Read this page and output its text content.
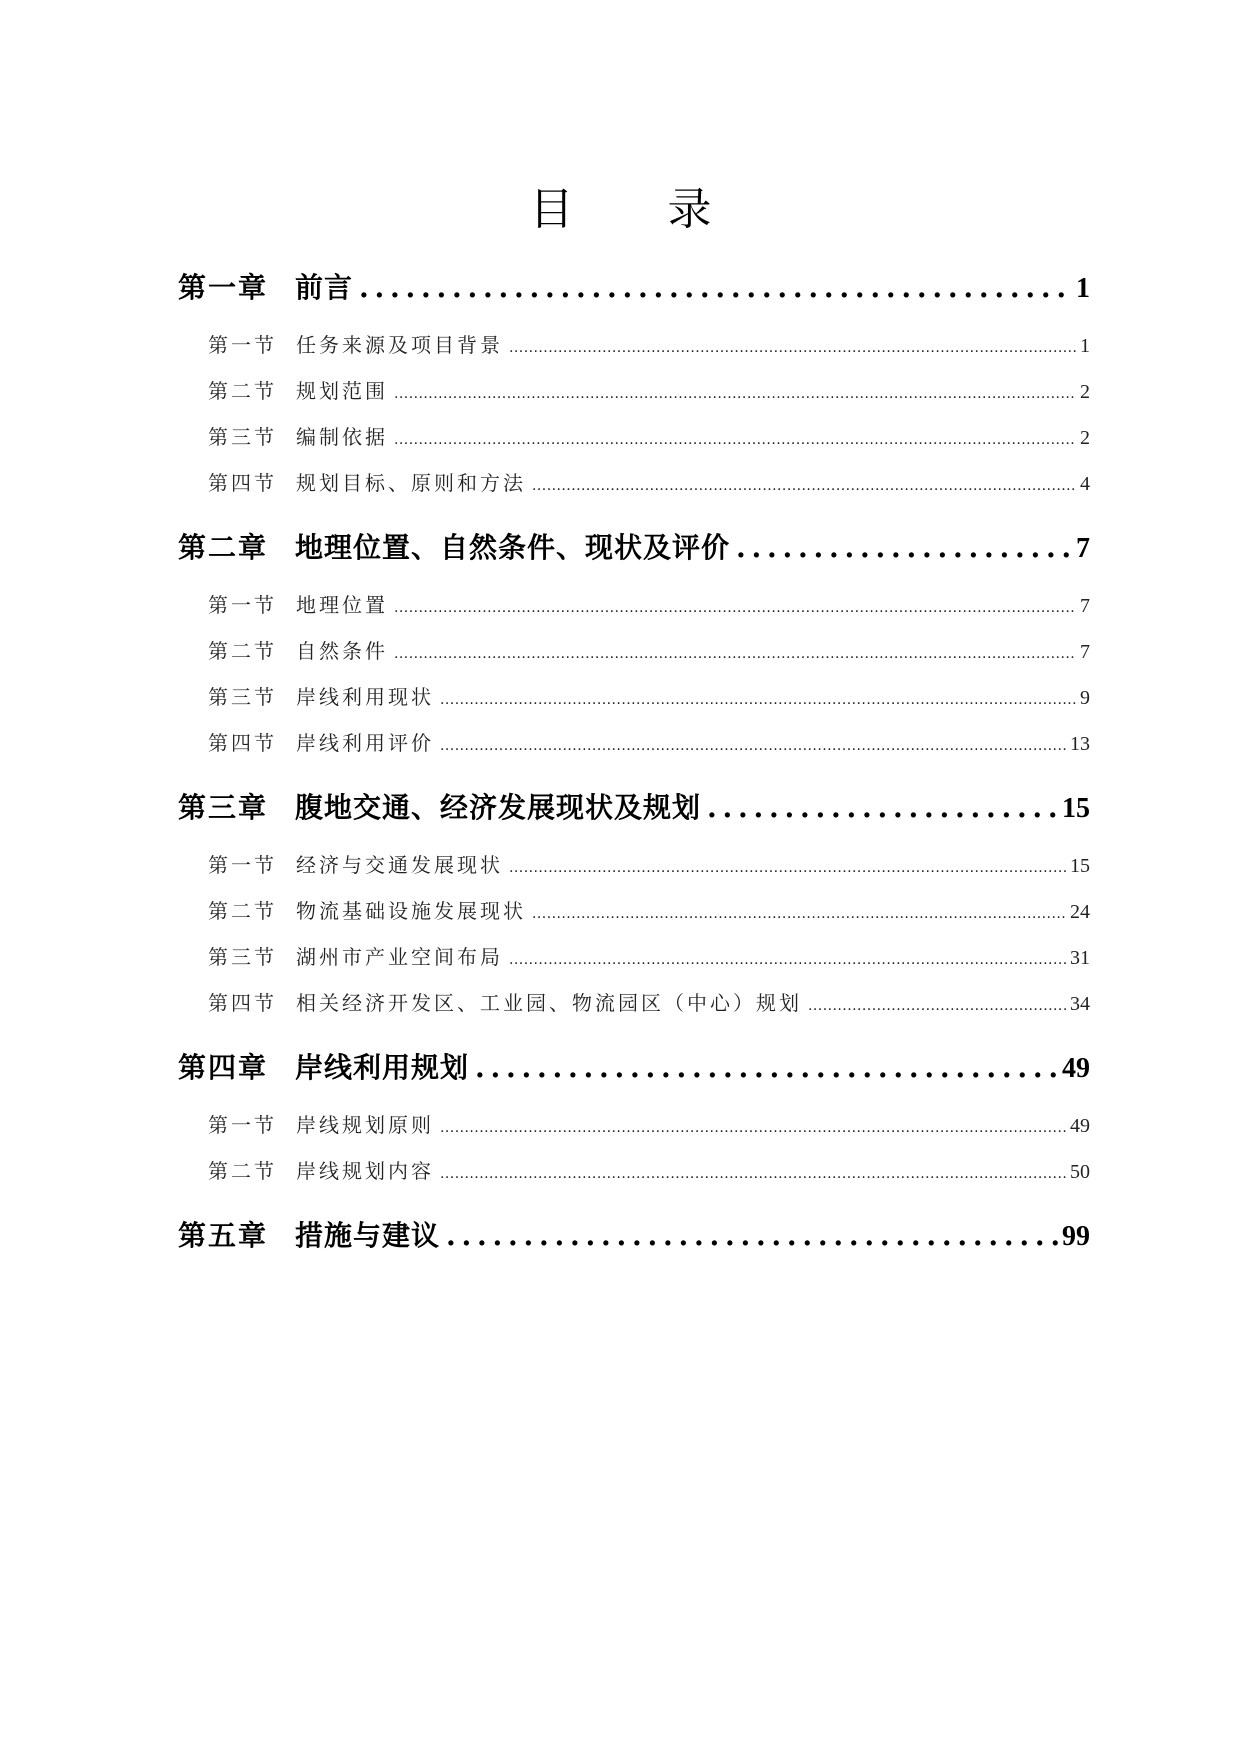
目 录
第一章 前言 . . .	1
第一节 任务来源及项目背景 . . .	1
第二节 规划范围 . . .	2
第三节 编制依据 . . .	2
第四节 规划目标、原则和方法 . . .	4
第二章 地理位置、自然条件、现状及评价 . . .	7
第一节 地理位置 . . .	7
第二节 自然条件 . . .	7
第三节 岸线利用现状 . . .	9
第四节 岸线利用评价 . . .	13
第三章 腹地交通、经济发展现状及规划 . . .	15
第一节 经济与交通发展现状 . . .	15
第二节 物流基础设施发展现状 . . .	24
第三节 湖州市产业空间布局 . . .	31
第四节 相关经济开发区、工业园、物流园区（中心）规划 . . .	34
第四章 岸线利用规划 . . .	49
第一节 岸线规划原则 . . .	49
第二节 岸线规划内容 . . .	50
第五章 措施与建议 . . .	99
